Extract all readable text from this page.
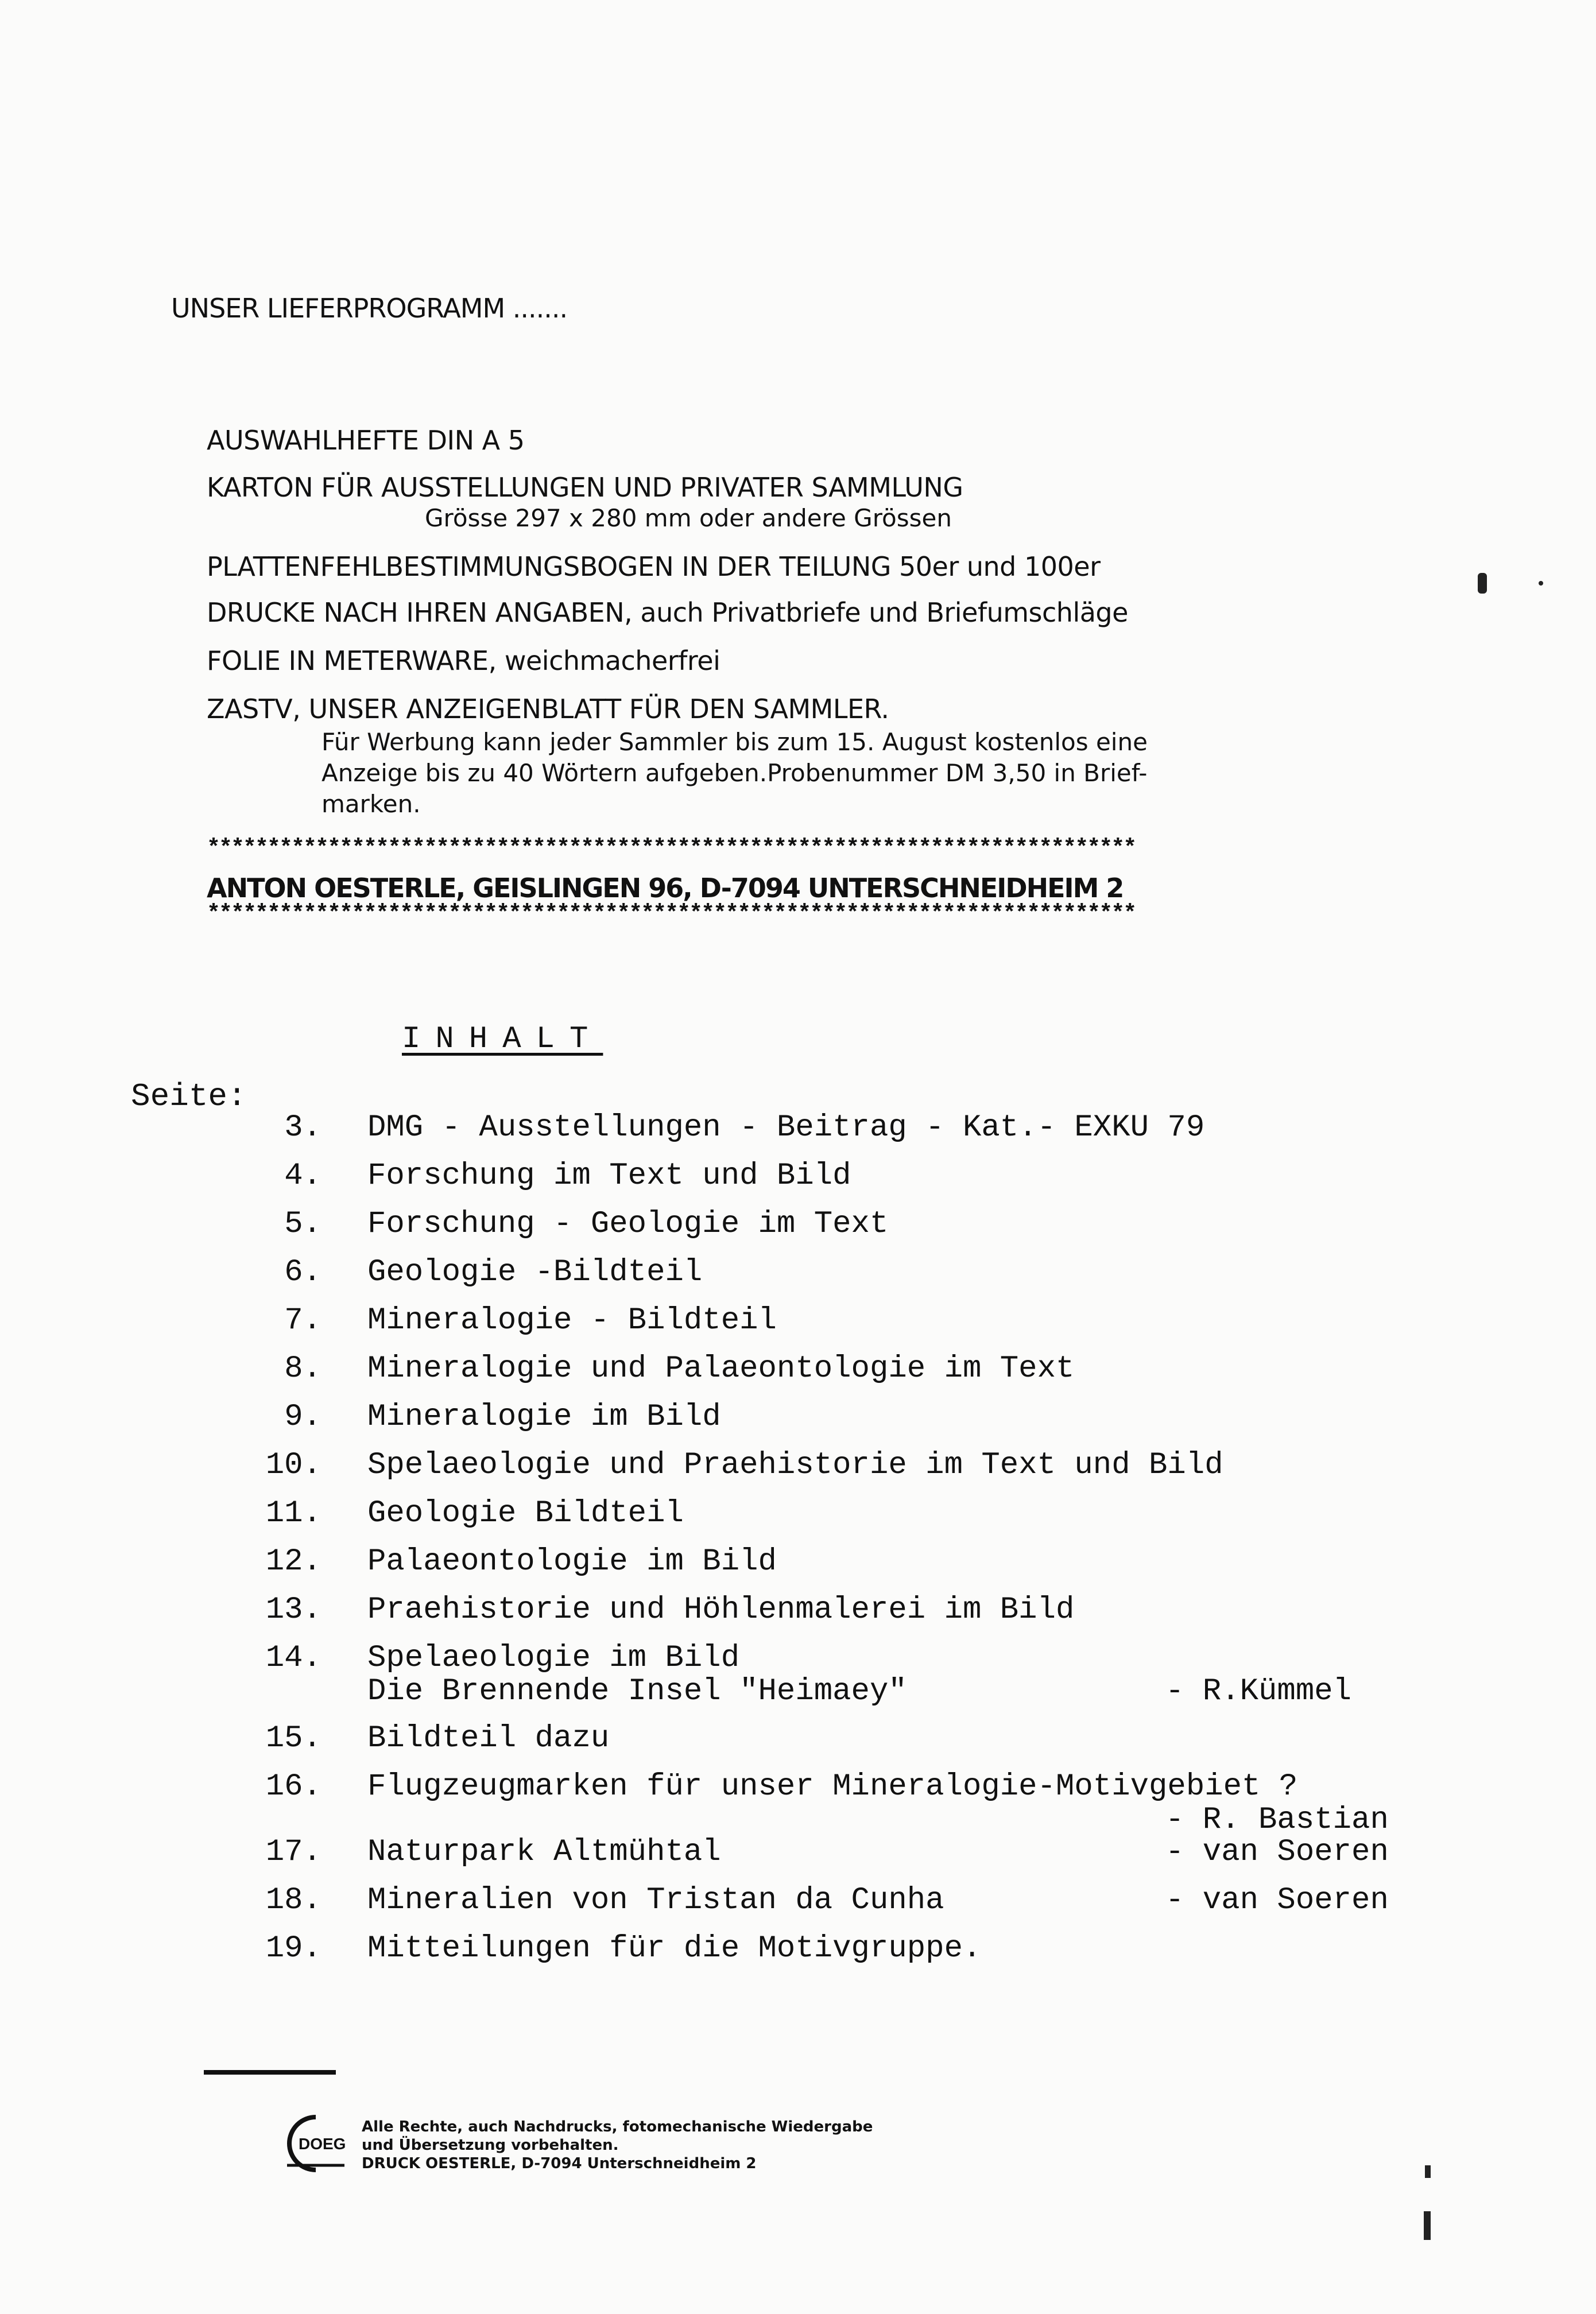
UNSER LIEFERPROGRAMM .......
AUSWAHLHEFTE DIN A 5
KARTON FÜR AUSSTELLUNGEN UND PRIVATER SAMMLUNG
Grösse 297 x 280 mm oder andere Grössen
PLATTENFEHLBESTIMMUNGSBOGEN IN DER TEILUNG 50er und 100er
DRUCKE NACH IHREN ANGABEN, auch Privatbriefe und Briefumschläge
FOLIE IN METERWARE, weichmacherfrei
ZASTV, UNSER ANZEIGENBLATT FÜR DEN SAMMLER.
Für Werbung kann jeder Sammler bis zum 15. August kostenlos eine
Anzeige bis zu 40 Wörtern aufgeben.Probenummer DM 3,50 in Brief-
marken.
*****************************************************************************
ANTON OESTERLE, GEISLINGEN 96, D-7094 UNTERSCHNEIDHEIM 2
*****************************************************************************
INHALT
Seite:
3. DMG - Ausstellungen - Beitrag - Kat.- EXKU 79
4. Forschung im Text und Bild
5. Forschung - Geologie im Text
6. Geologie -Bildteil
7. Mineralogie - Bildteil
8. Mineralogie und Palaeontologie im Text
9. Mineralogie im Bild
10. Spelaeologie und Praehistorie im Text und Bild
11. Geologie Bildteil
12. Palaeontologie im Bild
13. Praehistorie und Höhlenmalerei im Bild
14. Spelaeologie im Bild
Die Brennende Insel "Heimaey"	- R.Kümmel
15. Bildteil dazu
16. Flugzeugmarken für unser Mineralogie-Motivgebiet ?
- R. Bastian
17. Naturpark Altmühtal	- van Soeren
18. Mineralien von Tristan da Cunha	- van Soeren
19. Mitteilungen für die Motivgruppe.
DOEG
Alle Rechte, auch Nachdrucks, fotomechanische Wiedergabe
und Übersetzung vorbehalten.
DRUCK OESTERLE, D-7094 Unterschneidheim 2
